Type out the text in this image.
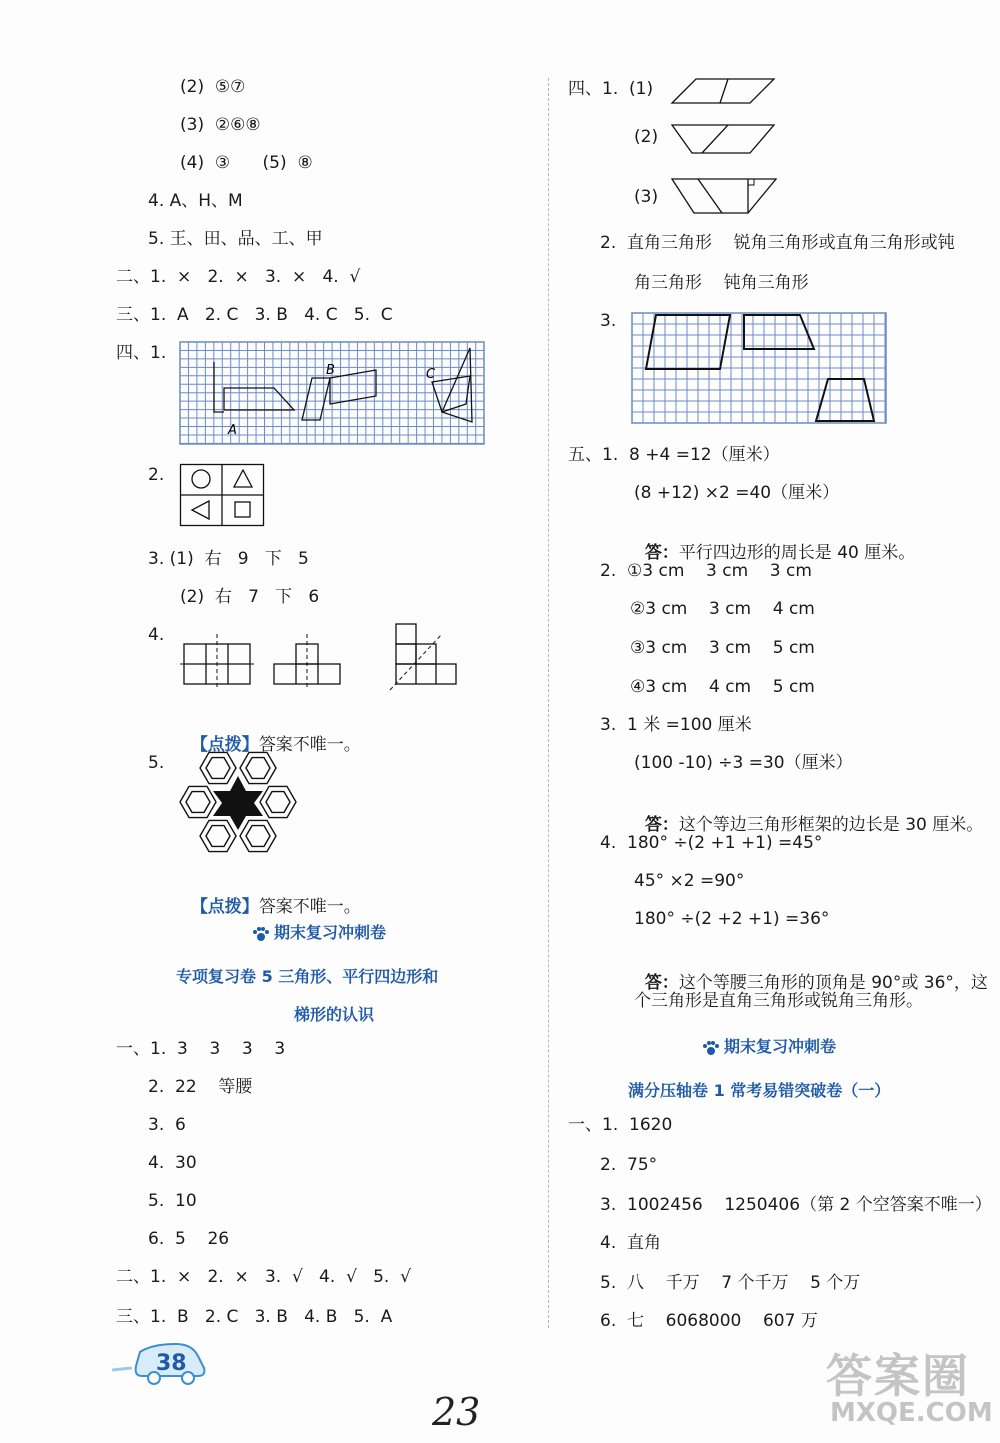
(2)  ⑤⑦
(3)  ②⑥⑧
(4)  ③      (5)  ⑧
4. A、H、M
5. 王、田、品、工、甲
二、1.  ×   2.  ×   3.  ×   4.  √
三、1.  A   2. C   3. B   4. C   5.  C
四、1.
A
B	C
2.
3. (1)  右   9   下   5
(2)  右   7   下   6
4.

【点拨】答案不唯一。

5.

【点拨】答案不唯一。

期末复习冲刺卷
专项复习卷 5 三角形、平行四边形和
梯形的认识
一、1.  3    3    3    3
2.  22    等腰
3.  6
4.  30
5.  10
6.  5    26
二、1.  ×   2.  ×   3.  √   4.  √   5.  √
三、1.  B   2. C   3. B   4. B   5.  A
38
四、1.  (1)
(2)
(3)
2.  直角三角形    锐角三角形或直角三角形或钝
角三角形    钝角三角形
3.
五、1.  8 +4 =12（厘米）
(8 +12) ×2 =40（厘米）

答：平行四边形的周长是 40 厘米。

2.  ①3 cm    3 cm    3 cm
②3 cm    3 cm    4 cm
③3 cm    3 cm    5 cm
④3 cm    4 cm    5 cm
3.  1 米 =100 厘米
(100 -10) ÷3 =30（厘米）

答：这个等边三角形框架的边长是 30 厘米。

4.  180° ÷(2 +1 +1) =45°
45° ×2 =90°
180° ÷(2 +2 +1) =36°

答：这个等腰三角形的顶角是 90°或 36°，这

个三角形是直角三角形或锐角三角形。
期末复习冲刺卷
满分压轴卷 1 常考易错突破卷（一）
一、1.  1620
2.  75°
3.  1002456    1250406（第 2 个空答案不唯一）
4.  直角
5.  八    千万    7 个千万    5 个万
6.  七    6068000    607 万
23
答案圈
MXQE.COM
